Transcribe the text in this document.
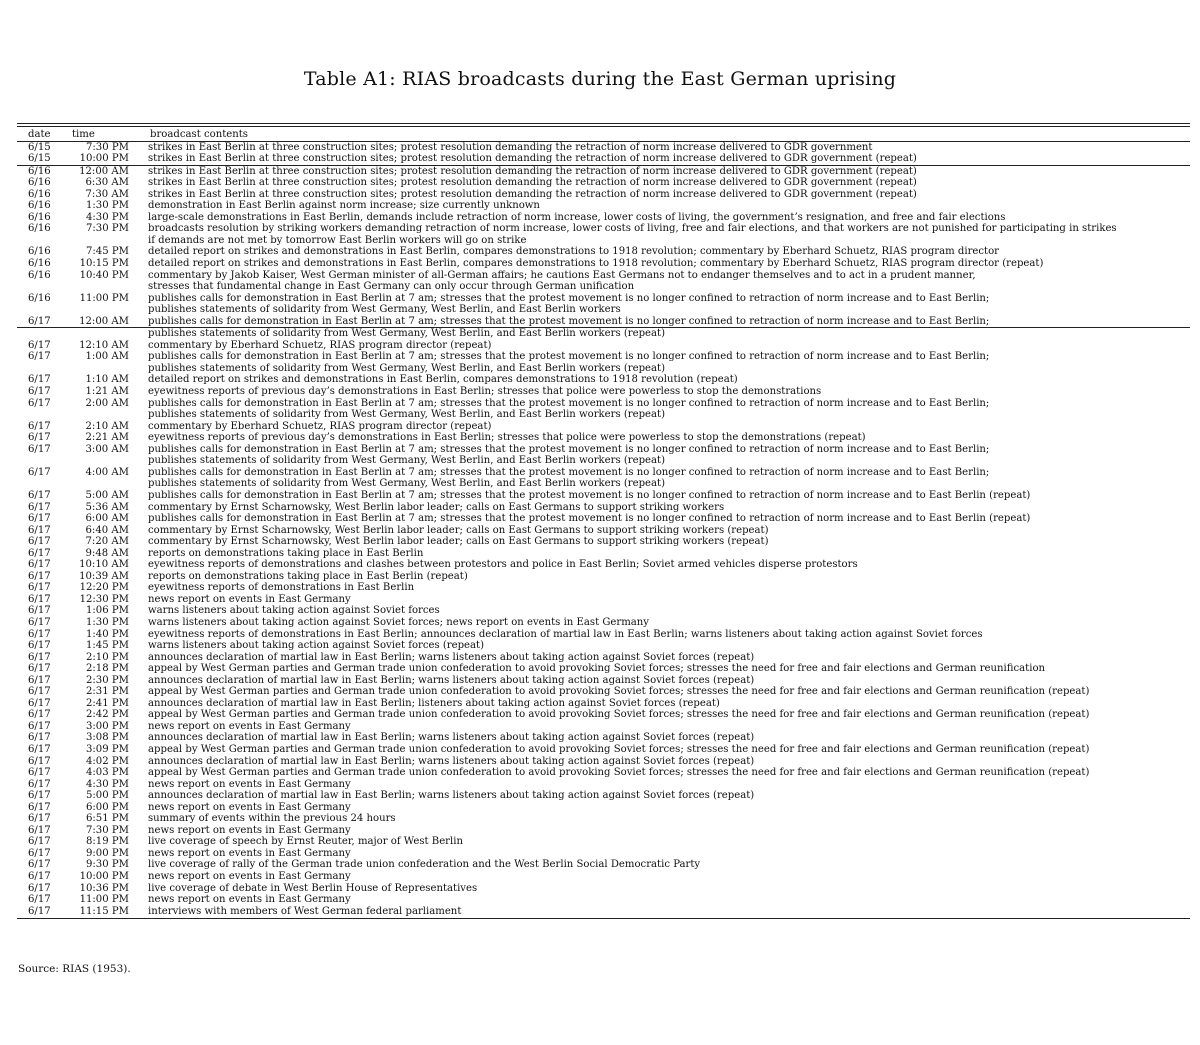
Table A1: RIAS broadcasts during the East German uprising
date	time	broadcast contents
6/15	7:30 PM	strikes in East Berlin at three construction sites; protest resolution demanding the retraction of norm increase delivered to GDR government
6/15	10:00 PM	strikes in East Berlin at three construction sites; protest resolution demanding the retraction of norm increase delivered to GDR government (repeat)
6/16	12:00 AM	strikes in East Berlin at three construction sites; protest resolution demanding the retraction of norm increase delivered to GDR government (repeat)
6/16	6:30 AM	strikes in East Berlin at three construction sites; protest resolution demanding the retraction of norm increase delivered to GDR government (repeat)
6/16	7:30 AM	strikes in East Berlin at three construction sites; protest resolution demanding the retraction of norm increase delivered to GDR government (repeat)
6/16	1:30 PM	demonstration in East Berlin against norm increase; size currently unknown
6/16	4:30 PM	large-scale demonstrations in East Berlin, demands include retraction of norm increase, lower costs of living, the government’s resignation, and free and fair elections
6/16	7:30 PM	broadcasts resolution by striking workers demanding retraction of norm increase, lower costs of living, free and fair elections, and that workers are not punished for participating in strikes
		if demands are not met by tomorrow East Berlin workers will go on strike
6/16	7:45 PM	detailed report on strikes and demonstrations in East Berlin, compares demonstrations to 1918 revolution; commentary by Eberhard Schuetz, RIAS program director
6/16	10:15 PM	detailed report on strikes and demonstrations in East Berlin, compares demonstrations to 1918 revolution; commentary by Eberhard Schuetz, RIAS program director (repeat)
6/16	10:40 PM	commentary by Jakob Kaiser, West German minister of all-German affairs; he cautions East Germans not to endanger themselves and to act in a prudent manner,
		stresses that fundamental change in East Germany can only occur through German unification
6/16	11:00 PM	publishes calls for demonstration in East Berlin at 7 am; stresses that the protest movement is no longer confined to retraction of norm increase and to East Berlin;
		publishes statements of solidarity from West Germany, West Berlin, and East Berlin workers
6/17	12:00 AM	publishes calls for demonstration in East Berlin at 7 am; stresses that the protest movement is no longer confined to retraction of norm increase and to East Berlin;
		publishes statements of solidarity from West Germany, West Berlin, and East Berlin workers (repeat)
6/17	12:10 AM	commentary by Eberhard Schuetz, RIAS program director (repeat)
6/17	1:00 AM	publishes calls for demonstration in East Berlin at 7 am; stresses that the protest movement is no longer confined to retraction of norm increase and to East Berlin;
		publishes statements of solidarity from West Germany, West Berlin, and East Berlin workers (repeat)
6/17	1:10 AM	detailed report on strikes and demonstrations in East Berlin, compares demonstrations to 1918 revolution (repeat)
6/17	1:21 AM	eyewitness reports of previous day’s demonstrations in East Berlin; stresses that police were powerless to stop the demonstrations
6/17	2:00 AM	publishes calls for demonstration in East Berlin at 7 am; stresses that the protest movement is no longer confined to retraction of norm increase and to East Berlin;
		publishes statements of solidarity from West Germany, West Berlin, and East Berlin workers (repeat)
6/17	2:10 AM	commentary by Eberhard Schuetz, RIAS program director (repeat)
6/17	2:21 AM	eyewitness reports of previous day’s demonstrations in East Berlin; stresses that police were powerless to stop the demonstrations (repeat)
6/17	3:00 AM	publishes calls for demonstration in East Berlin at 7 am; stresses that the protest movement is no longer confined to retraction of norm increase and to East Berlin;
		publishes statements of solidarity from West Germany, West Berlin, and East Berlin workers (repeat)
6/17	4:00 AM	publishes calls for demonstration in East Berlin at 7 am; stresses that the protest movement is no longer confined to retraction of norm increase and to East Berlin;
		publishes statements of solidarity from West Germany, West Berlin, and East Berlin workers (repeat)
6/17	5:00 AM	publishes calls for demonstration in East Berlin at 7 am; stresses that the protest movement is no longer confined to retraction of norm increase and to East Berlin (repeat)
6/17	5:36 AM	commentary by Ernst Scharnowsky, West Berlin labor leader; calls on East Germans to support striking workers
6/17	6:00 AM	publishes calls for demonstration in East Berlin at 7 am; stresses that the protest movement is no longer confined to retraction of norm increase and to East Berlin (repeat)
6/17	6:40 AM	commentary by Ernst Scharnowsky, West Berlin labor leader; calls on East Germans to support striking workers (repeat)
6/17	7:20 AM	commentary by Ernst Scharnowsky, West Berlin labor leader; calls on East Germans to support striking workers (repeat)
6/17	9:48 AM	reports on demonstrations taking place in East Berlin
6/17	10:10 AM	eyewitness reports of demonstrations and clashes between protestors and police in East Berlin; Soviet armed vehicles disperse protestors
6/17	10:39 AM	reports on demonstrations taking place in East Berlin (repeat)
6/17	12:20 PM	eyewitness reports of demonstrations in East Berlin
6/17	12:30 PM	news report on events in East Germany
6/17	1:06 PM	warns listeners about taking action against Soviet forces
6/17	1:30 PM	warns listeners about taking action against Soviet forces; news report on events in East Germany
6/17	1:40 PM	eyewitness reports of demonstrations in East Berlin; announces declaration of martial law in East Berlin; warns listeners about taking action against Soviet forces
6/17	1:45 PM	warns listeners about taking action against Soviet forces (repeat)
6/17	2:10 PM	announces declaration of martial law in East Berlin; warns listeners about taking action against Soviet forces (repeat)
6/17	2:18 PM	appeal by West German parties and German trade union confederation to avoid provoking Soviet forces; stresses the need for free and fair elections and German reunification
6/17	2:30 PM	announces declaration of martial law in East Berlin; warns listeners about taking action against Soviet forces (repeat)
6/17	2:31 PM	appeal by West German parties and German trade union confederation to avoid provoking Soviet forces; stresses the need for free and fair elections and German reunification (repeat)
6/17	2:41 PM	announces declaration of martial law in East Berlin; listeners about taking action against Soviet forces (repeat)
6/17	2:42 PM	appeal by West German parties and German trade union confederation to avoid provoking Soviet forces; stresses the need for free and fair elections and German reunification (repeat)
6/17	3:00 PM	news report on events in East Germany
6/17	3:08 PM	announces declaration of martial law in East Berlin; warns listeners about taking action against Soviet forces (repeat)
6/17	3:09 PM	appeal by West German parties and German trade union confederation to avoid provoking Soviet forces; stresses the need for free and fair elections and German reunification (repeat)
6/17	4:02 PM	announces declaration of martial law in East Berlin; warns listeners about taking action against Soviet forces (repeat)
6/17	4:03 PM	appeal by West German parties and German trade union confederation to avoid provoking Soviet forces; stresses the need for free and fair elections and German reunification (repeat)
6/17	4:30 PM	news report on events in East Germany
6/17	5:00 PM	announces declaration of martial law in East Berlin; warns listeners about taking action against Soviet forces (repeat)
6/17	6:00 PM	news report on events in East Germany
6/17	6:51 PM	summary of events within the previous 24 hours
6/17	7:30 PM	news report on events in East Germany
6/17	8:19 PM	live coverage of speech by Ernst Reuter, major of West Berlin
6/17	9:00 PM	news report on events in East Germany
6/17	9:30 PM	live coverage of rally of the German trade union confederation and the West Berlin Social Democratic Party
6/17	10:00 PM	news report on events in East Germany
6/17	10:36 PM	live coverage of debate in West Berlin House of Representatives
6/17	11:00 PM	news report on events in East Germany
6/17	11:15 PM	interviews with members of West German federal parliament
Source: RIAS (1953).
